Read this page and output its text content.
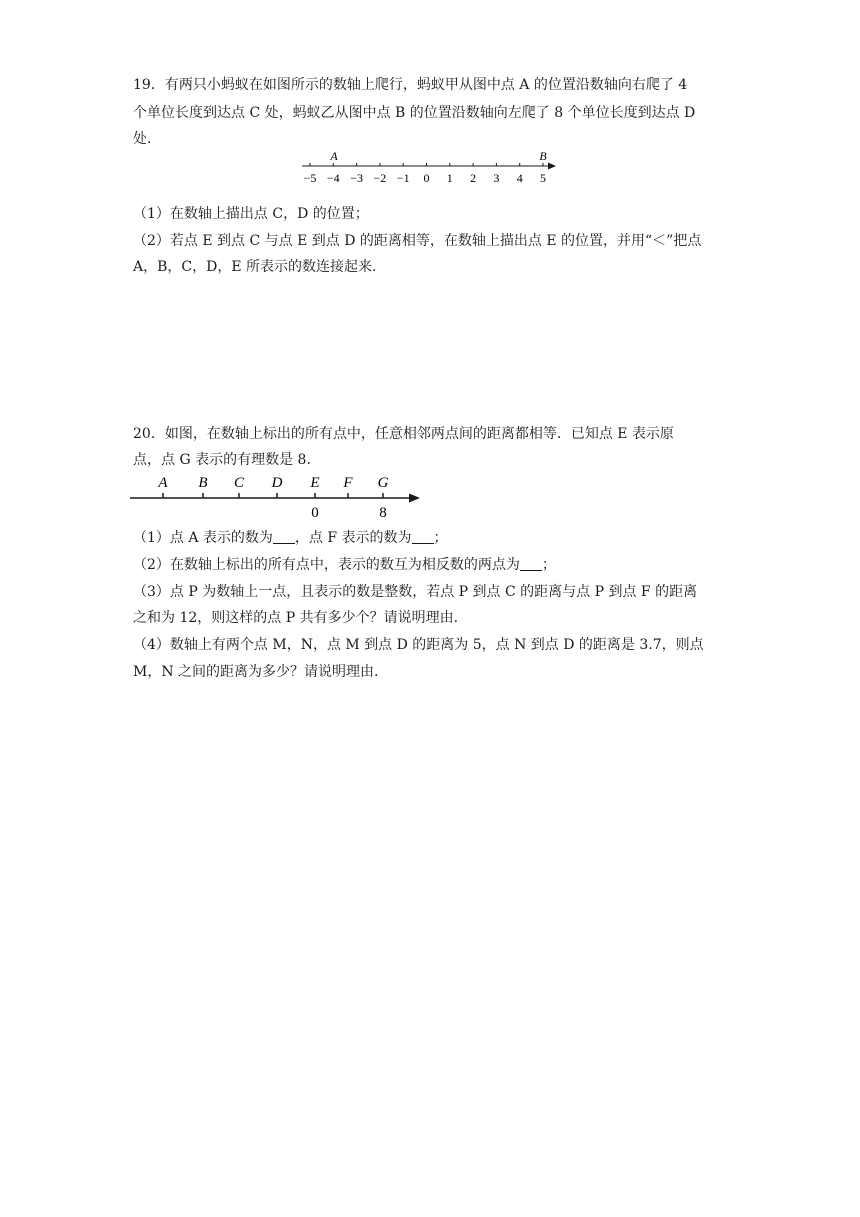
19．有两只小蚂蚁在如图所示的数轴上爬行，蚂蚁甲从图中点 A 的位置沿数轴向右爬了 4
个单位长度到达点 C 处，蚂蚁乙从图中点 B 的位置沿数轴向左爬了 8 个单位长度到达点 D
处.
−5 −4 −3 −2 −1 0 1 2 3 4 5
A	B
（1）在数轴上描出点 C，D 的位置；
（2）若点 E 到点 C 与点 E 到点 D 的距离相等，在数轴上描出点 E 的位置，并用“＜”把点
A，B，C，D，E 所表示的数连接起来.
20．如图，在数轴上标出的所有点中，任意相邻两点间的距离都相等．已知点 E 表示原
点，点 G 表示的有理数是 8.
A B C D E F G
0	8
（1）点 A 表示的数为 ，点 F 表示的数为 ；
（2）在数轴上标出的所有点中，表示的数互为相反数的两点为 ；
（3）点 P 为数轴上一点，且表示的数是整数，若点 P 到点 C 的距离与点 P 到点 F 的距离
之和为 12，则这样的点 P 共有多少个？请说明理由.
（4）数轴上有两个点 M，N，点 M 到点 D 的距离为 5，点 N 到点 D 的距离是 3.7，则点
M，N 之间的距离为多少？请说明理由.
